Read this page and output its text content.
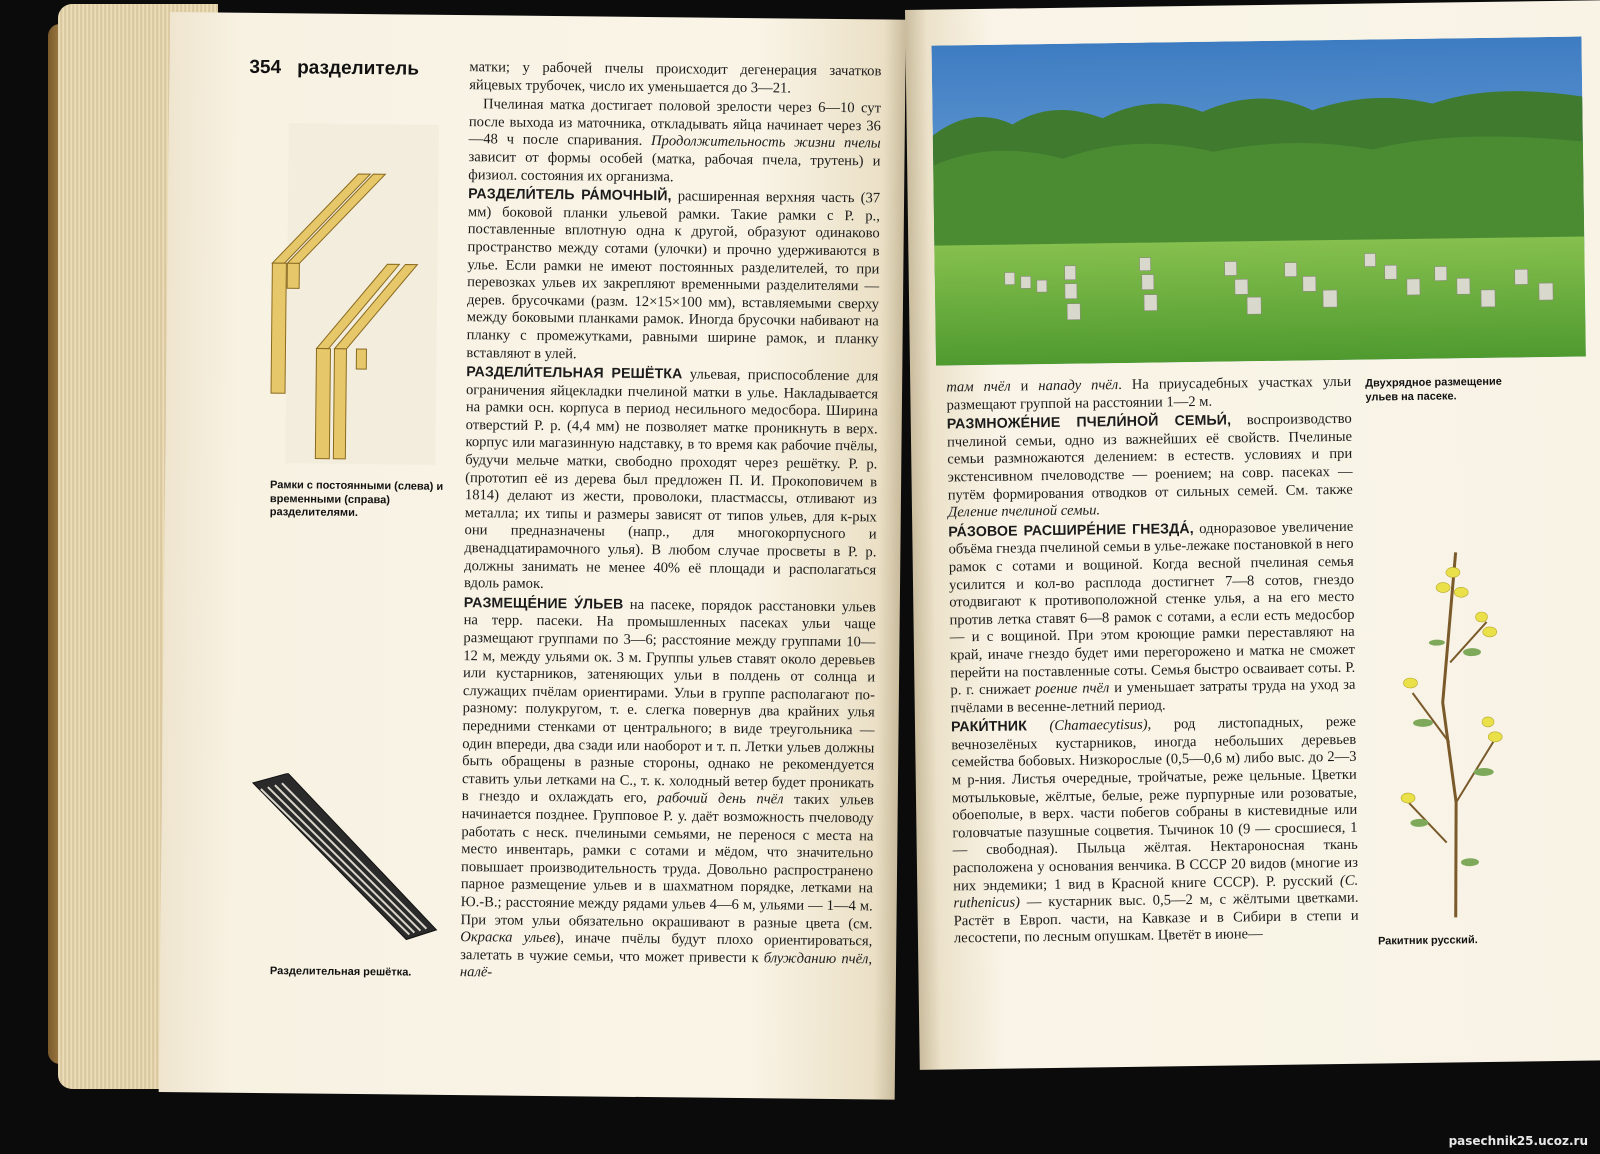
354 разделитель
Рамки с постоянными (слева) и временными (справа) разделителями.
Разделительная решётка.

матки; у рабочей пчелы происходит дегенерация зачатков яйцевых трубочек, число их уменьшается до 3—21.

Пчелиная матка достигает половой зрелости через 6—10 сут после выхода из маточника, откладывать яйца начинает через 36—48 ч после спаривания. Продолжительность жизни пчелы зависит от формы особей (матка, рабочая пчела, трутень) и физиол. состояния их организма.

РАЗДЕЛИ́ТЕЛЬ РА́МОЧНЫЙ, расширенная верхняя часть (37 мм) боковой планки ульевой рамки. Такие рамки с Р. р., поставленные вплотную одна к другой, образуют одинаково пространство между сотами (улочки) и прочно удерживаются в улье. Если рамки не имеют постоянных разделителей, то при перевозках ульев их закрепляют временными разделителями — дерев. брусочками (разм. 12×15×100 мм), вставляемыми сверху между боковыми планками рамок. Иногда брусочки набивают на планку с промежутками, равными ширине рамок, и планку вставляют в улей.

РАЗДЕЛИ́ТЕЛЬНАЯ РЕШЁТКА ульевая, приспособление для ограничения яйцекладки пчелиной матки в улье. Накладывается на рамки осн. корпуса в период несильного медосбора. Ширина отверстий Р. р. (4,4 мм) не позволяет матке проникнуть в верх. корпус или магазинную надставку, в то время как рабочие пчёлы, будучи мельче матки, свободно проходят через решётку. Р. р. (прототип её из дерева был предложен П. И. Прокоповичем в 1814) делают из жести, проволоки, пластмассы, отливают из металла; их типы и размеры зависят от типов ульев, для к-рых они предназначены (напр., для многокорпусного и двенадцатирамочного улья). В любом случае просветы в Р. р. должны занимать не менее 40% её площади и располагаться вдоль рамок.

РАЗМЕЩЕ́НИЕ У́ЛЬЕВ на пасеке, порядок расстановки ульев на терр. пасеки. На промышленных пасеках ульи чаще размещают группами по 3—6; расстояние между группами 10—12 м, между ульями ок. 3 м. Группы ульев ставят около деревьев или кустарников, затеняющих ульи в полдень от солнца и служащих пчёлам ориентирами. Ульи в группе располагают по-разному: полукругом, т. е. слегка повернув два крайних улья передними стенками от центрального; в виде треугольника — один впереди, два сзади или наоборот и т. п. Летки ульев должны быть обращены в разные стороны, однако не рекомендуется ставить ульи летками на С., т. к. холодный ветер будет проникать в гнездо и охлаждать его, рабочий день пчёл таких ульев начинается позднее. Групповое Р. у. даёт возможность пчеловоду работать с неск. пчелиными семьями, не перенося с места на место инвентарь, рамки с сотами и мёдом, что значительно повышает производительность труда. Довольно распространено парное размещение ульев и в шахматном порядке, летками на Ю.-В.; расстояние между рядами ульев 4—6 м, ульями — 1—4 м. При этом ульи обязательно окрашивают в разные цвета (см. Окраска ульев), иначе пчёлы будут плохо ориентироваться, залетать в чужие семьи, что может привести к блужданию пчёл, налё-

Двухрядное размещение ульев на пасеке.
Ракитник русский.

там пчёл и нападу пчёл. На приусадебных участках ульи размещают группой на расстоянии 1—2 м.

РАЗМНОЖЕ́НИЕ ПЧЕЛИ́НОЙ СЕМЬИ́, воспроизводство пчелиной семьи, одно из важнейших её свойств. Пчелиные семьи размножаются делением: в естеств. условиях и при экстенсивном пчеловодстве — роением; на совр. пасеках — путём формирования отводков от сильных семей. См. также Деление пчелиной семьи.

РА́ЗОВОЕ РАСШИРЕ́НИЕ ГНЕЗДА́, одноразовое увеличение объёма гнезда пчелиной семьи в улье-лежаке постановкой в него рамок с сотами и вощиной. Когда весной пчелиная семья усилится и кол-во расплода достигнет 7—8 сотов, гнездо отодвигают к противоположной стенке улья, а на его место против летка ставят 6—8 рамок с сотами, а если есть медосбор — и с вощиной. При этом кроющие рамки переставляют на край, иначе гнездо будет ими перегорожено и матка не сможет перейти на поставленные соты. Семья быстро осваивает соты. Р. р. г. снижает роение пчёл и уменьшает затраты труда на уход за пчёлами в весенне-летний период.

РАКИ́ТНИК (Chamaecytisus), род листопадных, реже вечнозелёных кустарников, иногда небольших деревьев семейства бобовых. Низкорослые (0,5—0,6 м) либо выс. до 2—3 м р-ния. Листья очередные, тройчатые, реже цельные. Цветки мотыльковые, жёлтые, белые, реже пурпурные или розоватые, обоеполые, в верх. части побегов собраны в кистевидные или головчатые пазушные соцветия. Тычинок 10 (9 — сросшиеся, 1 — свободная). Пыльца жёлтая. Нектароносная ткань расположена у основания венчика. В СССР 20 видов (многие из них эндемики; 1 вид в Красной книге СССР). Р. русский (C. ruthenicus) — кустарник выс. 0,5—2 м, с жёлтыми цветками. Растёт в Европ. части, на Кавказе и в Сибири в степи и лесостепи, по лесным опушкам. Цветёт в июне—

pasechnik25.ucoz.ru
